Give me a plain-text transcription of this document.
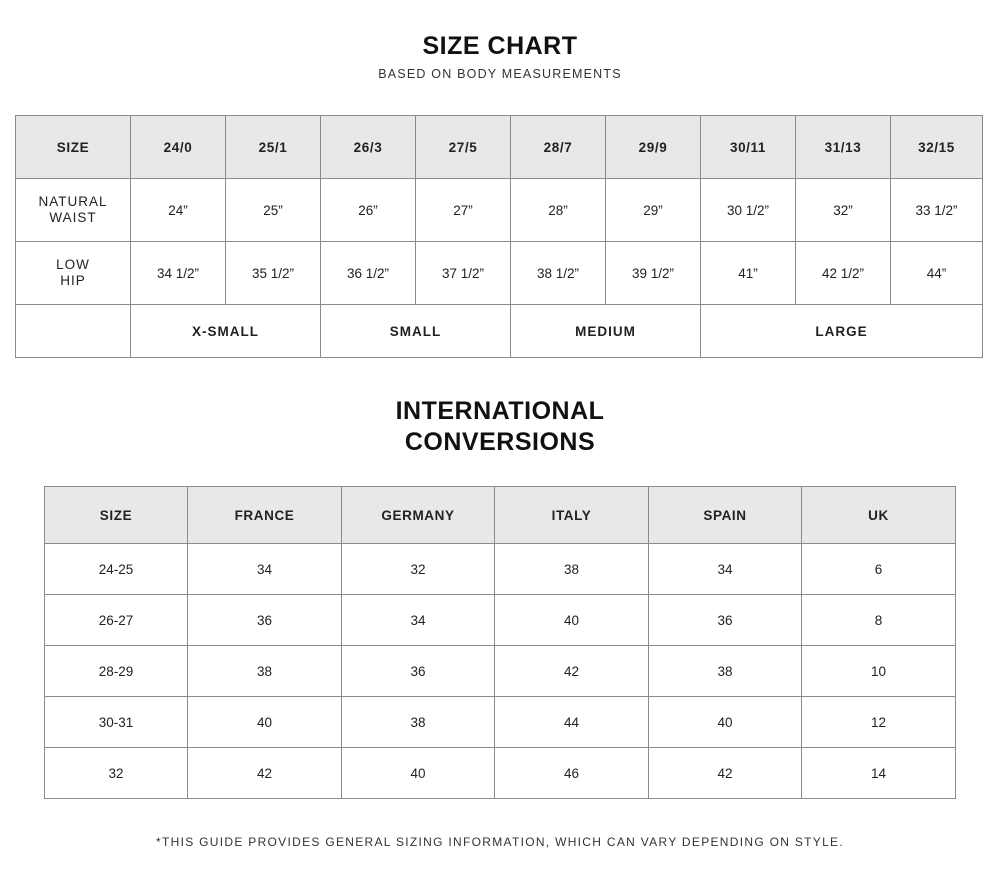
SIZE CHART
BASED ON BODY MEASUREMENTS
SIZE	24/0	25/1	26/3	27/5	28/7	29/9	30/11	31/13	32/15

NATURAL
WAIST	24”	25”	26”	27”	28”	29”	30 1/2”	32”	33 1/2”

LOW
HIP	34 1/2”	35 1/2”	36 1/2”	37 1/2”	38 1/2”	39 1/2”	41”	42 1/2”	44”
	X-SMALL		SMALL		MEDIUM		LARGE		
INTERNATIONAL
CONVERSIONS
SIZE	FRANCE	GERMANY	ITALY	SPAIN	UK
24-25	34	32	38	34	6
26-27	36	34	40	36	8
28-29	38	36	42	38	10
30-31	40	38	44	40	12
32	42	40	46	42	14
*THIS GUIDE PROVIDES GENERAL SIZING INFORMATION, WHICH CAN VARY DEPENDING ON STYLE.
